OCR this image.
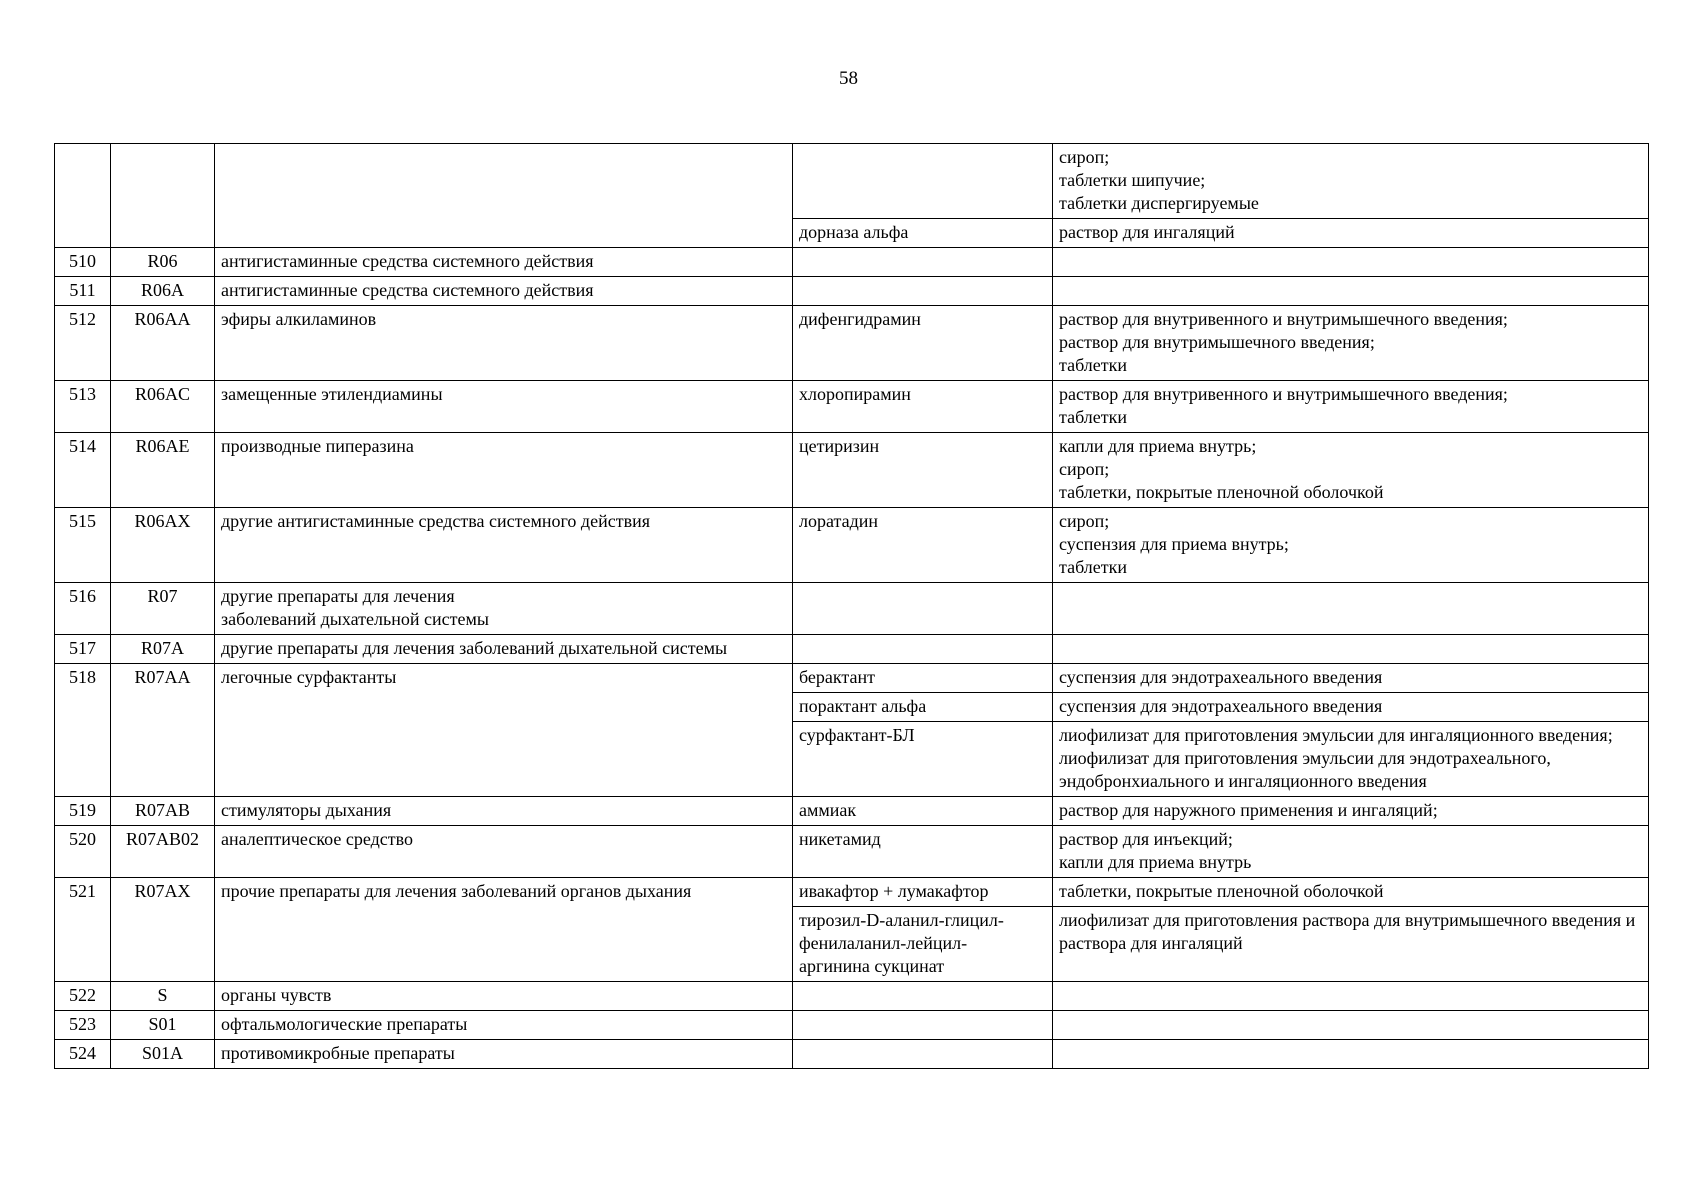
58

				сироп;
таблетки шипучие;
таблетки диспергируемые

			дорназа альфа	раствор для ингаляций
510	R06	антигистаминные средства системного действия		
511	R06A	антигистаминные средства системного действия		
512	R06AA	эфиры алкиламинов	дифенгидрамин	раствор для внутривенного и внутримышечного введения;
раствор для внутримышечного введения;
таблетки

513	R06AC	замещенные этилендиамины	хлоропирамин	раствор для внутривенного и внутримышечного введения;
таблетки

514	R06AE	производные пиперазина	цетиризин	капли для приема внутрь;
сироп;
таблетки, покрытые пленочной оболочкой

515	R06AX	другие антигистаминные средства системного действия	лоратадин	сироп;
суспензия для приема внутрь;
таблетки

516	R07	другие препараты для лечения
заболеваний дыхательной системы		

517	R07A	другие препараты для лечения заболеваний дыхательной системы		
518	R07AA	легочные сурфактанты	берактант	суспензия для эндотрахеального введения
			порактант альфа	суспензия для эндотрахеального введения
			сурфактант-БЛ	лиофилизат для приготовления эмульсии для ингаляционного введения;
лиофилизат для приготовления эмульсии для эндотрахеального, эндобронхиального и ингаляционного введения

519	R07AB	стимуляторы дыхания	аммиак	раствор для наружного применения и ингаляций;
520	R07AB02	аналептическое средство	никетамид	раствор для инъекций;
капли для приема внутрь

521	R07AX	прочие препараты для лечения заболеваний органов дыхания	ивакафтор + лумакафтор	таблетки, покрытые пленочной оболочкой

			тирозил-D-аланил-глицил-
фенилаланил-лейцил-
аргинина сукцинат	лиофилизат для приготовления раствора для внутримышечного введения и раствора для ингаляций
522	S	органы чувств		
523	S01	офтальмологические препараты		
524	S01A	противомикробные препараты		
